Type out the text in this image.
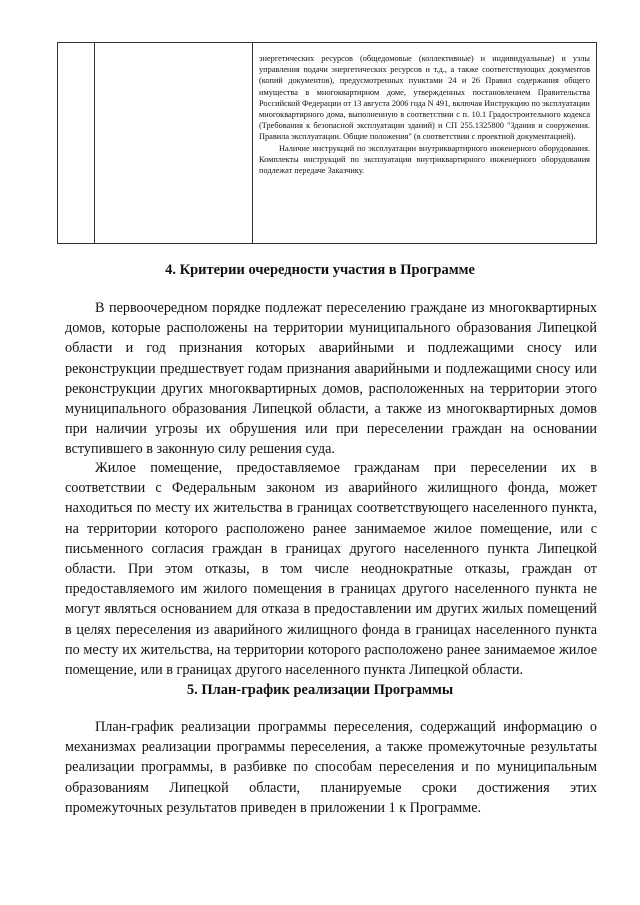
энергетических ресурсов (общедомовые (коллективные) и индивидуальные) и узлы управления подачи энергетических ресурсов и т.д., а также соответствующих документов (копий документов), предусмотренных пунктами 24 и 26 Правил содержания общего имущества в многоквартирном доме, утвержденных постановлением Правительства Российской Федерации от 13 августа 2006 года N 491, включая Инструкцию по эксплуатации многоквартирного дома, выполненную в соответствии с п. 10.1 Градостроительного кодекса (Требования к безопасной эксплуатации зданий) и СП 255.1325800 "Здания и сооружения. Правила эксплуатации. Общие положения" (в соответствии с проектной документацией).

Наличие инструкций по эксплуатации внутриквартирного инженерного оборудования. Комплекты инструкций по эксплуатации внутриквартирного инженерного оборудования подлежат передаче Заказчику.

4. Критерии очередности участия в Программе

В первоочередном порядке подлежат переселению граждане из многоквартирных домов, которые расположены на территории муниципального образования Липецкой области и год признания которых аварийными и подлежащими сносу или реконструкции предшествует годам признания аварийными и подлежащими сносу или реконструкции других многоквартирных домов, расположенных на территории этого муниципального образования Липецкой области, а также из многоквартирных домов при наличии угрозы их обрушения или при переселении граждан на основании вступившего в законную силу решения суда.

Жилое помещение, предоставляемое гражданам при переселении их в соответствии с Федеральным законом из аварийного жилищного фонда, может находиться по месту их жительства в границах соответствующего населенного пункта, на территории которого расположено ранее занимаемое жилое помещение, или с письменного согласия граждан в границах другого населенного пункта Липецкой области. При этом отказы, в том числе неоднократные отказы, граждан от предоставляемого им жилого помещения в границах другого населенного пункта не могут являться основанием для отказа в предоставлении им других жилых помещений в целях переселения из аварийного жилищного фонда в границах населенного пункта по месту их жительства, на территории которого расположено ранее занимаемое жилое помещение, или в границах другого населенного пункта Липецкой области.

5. План-график реализации Программы

План-график реализации программы переселения, содержащий информацию о механизмах реализации программы переселения, а также промежуточные результаты реализации программы, в разбивке по способам переселения и по муниципальным образованиям Липецкой области, планируемые сроки достижения этих промежуточных результатов приведен в приложении 1 к Программе.
